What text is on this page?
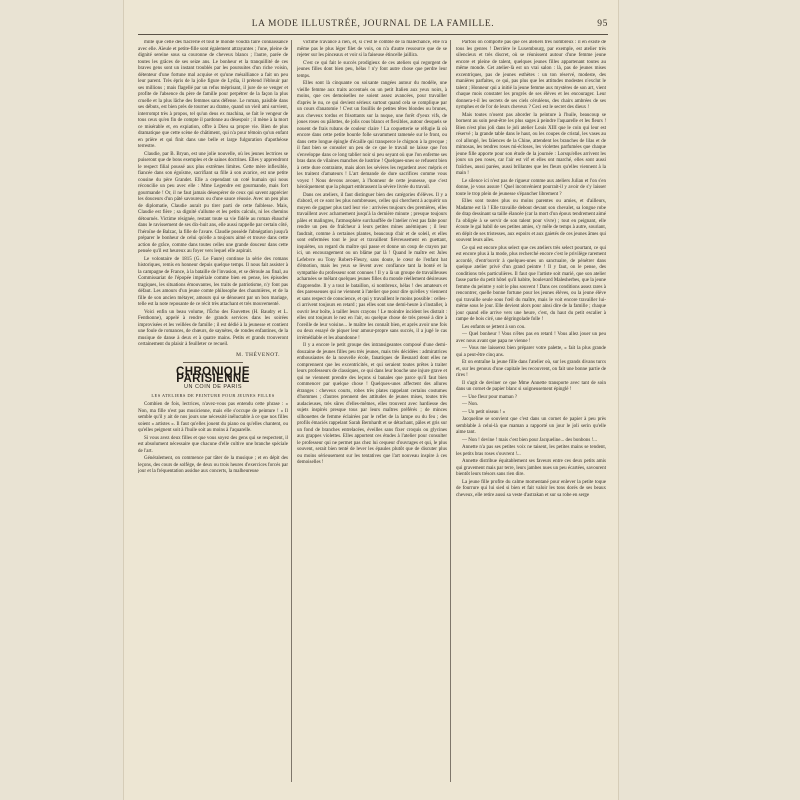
LA MODE ILLUSTRÉE, JOURNAL DE LA FAMILLE.	95

mille que celle des fiacrerie et tout le monde voudra faire connaissance avec elle. Aïeule et petite-fille sont également attrayantes ; l'une, pleine de dignité sereine sous sa couronne de cheveux blancs ; l'autre, parée de toutes les grâces de ses seize ans. Le bonheur et la tranquillité de ces braves gens sont un instant troublés par les poursuites d'un riche voisin, détenteur d'une fortune mal acquise et qu'une mésalliance a fait un peu leur parent. Très épris de la jolie figure de Lydia, il prétend l'éblouir par ses millions ; mais flagellé par un refus méprisant, il jure de se venger et profite de l'absence du père de famille pour perpétrer de la façon la plus cruelle et la plus lâche des femmes sans défense. Le roman, paisible dans ses débuts, est bien près de tourner au drame, quand un vieil ami survient, interrompt très à propos, tel qu'un deus ex machina, se fait le vengeur de tous ceux qu'en fin de compte il pardonne au désespoir ; il mène à la mort ce misérable et, en expiation, offre à Dieu sa propre vie. Bien de plus dramatique que cette scène de châtiment, qui n'a pour témoin qu'un enfant en prière et qui finit dans une belle et large fulguration d'apothéose terrestre.

Claudie, par B. Bryan, est une jolie nouvelle, où les jeunes lectrices se puiseront que de bons exemples et de saines doctrines. Elles y apprendront le respect filial poussé aux plus extrêmes limites. Cette mère inflexible, fiancée dans son égoïsme, sacrifiant sa fille à son avarice, est une petite cousine du père Grandet. Elle a cependant un coté humain qui nous réconcilie un peu avec elle : Mme Legendre est gourmande, mais fort gourmande ! Or, il ne faut jamais désespérer de ceux qui savent apprécier les douceurs d'un pâté savoureux ou d'une sauce réussie. Avec un peu plus de diplomatie, Claudie aurait pu tirer parti de cette faiblesse. Mais, Claudie est fière ; sa dignité s'allume et les petits calculs, ni les chemins détournés. Victime résignée, restant toute sa vie fidèle au roman ébauché dans le ravissement de ses dix-huit ans, elle aussi rappelle par certain côté, l'héroïne de Balzac, la fille de l'avare. Claudie possède l'abnégation jusqu'à préparer le bonheur de celui qu'elle a toujours aimé et trouve dans cette action de grâce, comme dans toutes celles une grande douceur dans cette pensée qu'il est heureux au foyer vers lequel elle aspirait.

Le volontaire de 1815 (G. Le Faure) continue la série des romans historiques, remis en honneur depuis quelque temps. Il nous fait assister à la campagne de France, à la bataille de l'invasion, et se déroule au final, au Commissariat de l'épopée impériale comme bien en pense, les épisodes tragiques, les situations émouvantes, les traits de patriotisme, n'y font pas défaut. Les amours d'un jeune comte philosophe des chaumières, et de la fille de son ancien métayer, amours qui se dénouent par un bon mariage, telle est la note reposante de ce récit très attachant et très mouvementé.

Voici enfin un beau volume, l'Écho des Fauvettes (H. Baudry et L. Fenthonne), appelé à rendre de grands services dans les soirées improvisées et les veillées de famille ; il est dédié à la jeunesse et contient une foule de romances, de chœurs, de saynètes, de rondes enfantines, de la musique de danse à deux et à quatre mains. Petits et grands trouveront certainement du plaisir à feuilleter ce recueil.

M. THÉVENOT.
CHRONIQUE PARISIENNE
UN COIN DE PARIS
LES ATELIERS DE PEINTURE POUR JEUNES FILLES

Combien de fois, lectrices, n'avez-vous pas entendu cette phrase : « Non, ma fille n'est pas musicienne, mais elle s'occupe de peinture ! » Il semble qu'il y ait de nos jours une nécessité inéluctable à ce que nos filles soient « artistes ». Il faut qu'elles jouent du piano ou qu'elles chantent, ou qu'elles peignent soit à l'huile soit au moins à l'aquarelle.

Si vous avez deux filles et que vous soyez des gens qui se respectent, il est absolument nécessaire que chacune d'elle cultive une branche spéciale de l'art.

Généralement, on commence par tâter de la musique ; et en dépit des leçons, des cours de solfège, de deux ou trois heures d'exercices forcés par jour et la fréquentation assidue aux concerts, la malheureuse

victime n'avance à rien, et, si c'est le comble de la malechance, elle n'a même pas le plus léger filet de voix, on n'a d'autre ressource que de se rejeter sur les pinceaux et voir si la faiseuse étincelle jaillira.

C'est ce qui fait le succès prodigieux de ces ateliers qui regorgent de jeunes filles dont bien peu, hélas ! n'y font autre chose que perdre leur temps.

Elles sont là cinquante ou soixante rangées autour du modèle, une vieille femme aux traits accentués ou un petit Italien aux yeux noirs, à moins, que ces demoiselles ne soient assez avancées, pour travailler d'après le nu, ce qui devient sérieux surtout quand cela se complique par un cours d'anatomie ! C'est un fouillis de petites têtes blondes ou brunes, aux cheveux tordus et frisottants sur la nuque, une forêt d'yeux vifs, de joues roses ou pâlottes, de jolis cous blancs et flexibles, autour desquels se nouent de frais rubans de couleur claire ! La coquetterie se réfugie là où encore dans cette petite bourde folle savamment ramenée sur le front, ou dans cette longue épingle d'écaille qui transperce le chignon à la grecque ; il faut bien se consoler un peu de ce que le travail ne laisse que l'on s'enveloppe dans ce long tablier noir si peu seyant où que l'on enferme ses bras dans de vilaines manches de lustrine ! Quelques-unes se refusent bien à cette dure contrainte, mais alors les sévères les regardent avec mépris et les traitent d'amateurs ! L'art demande de dure sacrifices comme vous voyez ! Nous devons avouer, à l'honneur de cette jeunesse, que c'est héroïquement que la plupart embrassent la sévère livrée du travail.

Dans ces ateliers, il faut distinguer bien des catégories d'élèves. Il y a d'abord, et ce sont les plus nombreuses, celles qui cherchent à acquérir un moyen de gagner plus tard leur vie : arrivées toujours des premières, elles travaillent avec acharnement jusqu'à la dernière minute ; presque toujours pâles et malingres, l'atmosphère surchauffée de l'atelier n'est pas faite pour rendre un peu de fraîcheur à leurs petites mines anémiques ; il leur faudrait, comme à certaines plantes, beaucoup d'air et de soleil, et elles sont enfermées tout le jour et travaillent fiévreusement en guettant, inquiètes, un regard du maître qui passe et donne un coup de crayon par ici, un encouragement ou un blâme par là ! Quand le maître est Jules Lefebvre ou Tony Robert-Fleury, sans doute, le cœur de l'enfant bat d'émotion, mais les yeux se lèvent avec confiance tant la bonté et la sympathie du professeur sont connues ! Il y a là un groupe de travailleuses acharnées se mêlant quelques jeunes filles du monde réellement désireuses d'apprendre. Il y a tout le bataillon, si nombreux, hélas ! des amateurs et des paresseuses qui ne viennent à l'atelier que pour dire qu'elles y viennent et sans respect de conscience, et qui y travaillent le moins possible : celles-ci arrivent toujours en retard ; pas elles sont une demi-heure à s'installer, à ouvrir leur boîte, à tailler leurs crayons ! Le moindre incident les distrait : elles ont toujours le nez en l'air, ou quelque chose de très pressé à dire à l'oreille de leur voisine... le maître les connaît bien, et après avoir une fois ou deux essayé de piquer leur amour-propre sans succès, il a jugé le cas irrémédiable et les abandonne !

Il y a encore le petit groupe des intransigeantes composé d'une demi-douzaine de jeunes filles peu très jeunes, mais très décidées : admiratrices enthousiastes de la nouvelle école, fanatiques de Besnard dont elles ne comprennent que les excentricités, et qui seraient toutes prêtes à traiter leurs professeurs de classiques, ce qui dans leur bouche une injure grave et qui ne viennent prendre des leçons si banales que parce qu'il faut bien commencer par quelque chose ! Quelques-unes affectent des allures étranges : cheveux courts, robes très plates rappelant certains costumes d'hommes ; d'autres prennent des attitudes de jeunes mises, toutes très audacieuses, très sûres d'elles-mêmes, elles trouvent avec hardiesse des sujets inspirés presque tous par leurs maîtres préférés ; de minces silhouettes de femme éclairées par le reflet de la lampe ou du feu ; des profils émaciés rappelant Sarah Bernhardt et se détachant, pâles et gris sur un fond de branches entrelacées, éveilles sans fixer croquis ou glycines aux grappes violettes. Elles apportent ces études à l'atelier pour consulter le professeur qui ne permet pas chez lui cequeur d'ouvrages et qui, le plus souvent, serait bien tenté de lever les épaules plutôt que de discuter plus ou moins sérieusement sur les tentatives que l'art nouveau inspire à ces demoiselles !

Parfois on comporte pas que ces ateliers très nombreux : il en existe de tous les genres ! Derrière le Luxembourg, par exemple, est atelier très silencieux et très discret, où se réunissent autour d'une femme jeune encore et pleine de talent, quelques jeunes filles appartenant toutes au même monde. Cet atelier-là est un vrai salon : là, pas de jeunes mises excentriques, pas de jeunes esthètes : un ton réservé, modeste, des manières parfaites, ce qui, pas plus que les attitudes modestes n'exclut le talent ; Honneur qui a initié la jeune femme aux mystères de son art, vient chaque mois constater les progrès de ses élèves et les encourager. Leur donnera-t-il les secrets de ses ciels céruléens, des chairs ambrées de ses nymphes et de l'or de leurs cheveux ? Ceci est le secret des dieux !

Mais toutes n'osent pas aborder la peinture à l'huile, beaucoup se bornent au soin peut-être les plus sages à peindre l'aquarelle et les fleurs ! Bien n'est plus joli dans le joli atelier Louis XIII que le coin qui leur est réservé ; la grande table dans le haut, ou les coupes de cristal, les vases au col allongé, les faïences de la Chine, attendent les branches de lilas et de mimosas, les tendres roses mi-écloses, les violettes parfumées que chaque jeune fille apporte pour son étude de la journée : Lorsqu'elles arrivent les jours un peu roses, car l'air est vif et elles ont marché, elles sont aussi fraîches, aussi parées, aussi brillantes que les fleurs qu'elles viennent à la main !

Le silence ici n'est pas de rigueur comme aux ateliers Julian et l'on s'en donne, je vous assure ! Quel inconvénient pourrait-il y avoir de s'y laisser toute le trop plein de jeunesse s'épancher librement ?

Elles sont toutes plus ou moins parentes ou amies, et d'ailleurs, Madame est là ! Elle travaille debout devant son chevalet, sa longue robe de drap dessinant sa taille élancée (car la mort d'un époux tendrement aimé l'a obligée à se servir de son talent pour vivre) ; tout en peignant, elle écoute le gai babil de ses petites amies, s'y mêle de temps à autre, souriant, en dépit de ses tristesses, aux espoirs et aux gaietés de ces jeunes âmes qui souvent leurs ailes.

Ce qui est encore plus select que ces ateliers très select pourtant, ce qui est encore plus à la mode, plus recherché encore c'est le privilège rarement accordé, d'entr'ouvrir à quelques-unes un sanctuaire, de pénétrer dans quelque atelier privé d'un grand peintre ! Il y faut, on le pense, des conditions très particulières. Il faut que l'artiste soit marié, que son atelier fasse partie du petit hôtel qu'il habite, boulevard Malesherbes, que la jeune femme du peintre y soit le plus souvent ! Dans ces conditions assez rares à rencontrer, quelle bonne fortune pour les jeunes élèves, ou la jeune élève qui travaille seule sous l'œil du maître, mais le voit encore travailler lui-même sous le jour. Elle devient alors pour ainsi dire de la famille ; chaque jour quand elle arrive vers une heure, c'est, du haut du petit escalier à rampe de bois ciré, une dégringolade folle !

Les enfants se jettent à son cou.

— Quel bonheur ! Vous n'êtes pas en retard ! Vous allez jouer un peu avec nous avant que papa ne vienne !

— Vous me laisserez bien préparer votre palette, » fait la plus grande qui a peut-être cinq ans.

Et on entraîne la jeune fille dans l'atelier où, sur les grands divans turcs et, sur les genoux d'une capitale les recouvrent, on fait une bonne partie de rires !

Il s'agit de deviner ce que Mme Annette transporte avec tant de soin dans un cornet de papier blanc si soigneusement épinglé !

— Une fleur pour maman ?

— Non.

— Un petit oiseau ! »

Jacqueline se souvient que c'est dans un cornet de papier à peu près semblable à celui-là que maman a rapporté un jour le joli serin qu'elle aime tant.

— Non ! devine ! mais c'est bien pour Jacqueline... des bonbons !...

Annette n'a pas ses petites voix ne taisent, les petites mains se tendent, les petits bras roses s'ouvrent !...

Annette distribue équitablement ses faveurs entre ces deux petits amis qui gravement mais par terre, leurs jambes nues un peu écartées, savourent bientôt leurs trésors sans rien dire.

La jeune fille profite du calme momentané pour enlever la petite toque de fourrure qui lui sied si bien et fait valoir les tons dorés de ses beaux cheveux, elle retire aussi sa veste d'astrakan et sur sa robe en serge
